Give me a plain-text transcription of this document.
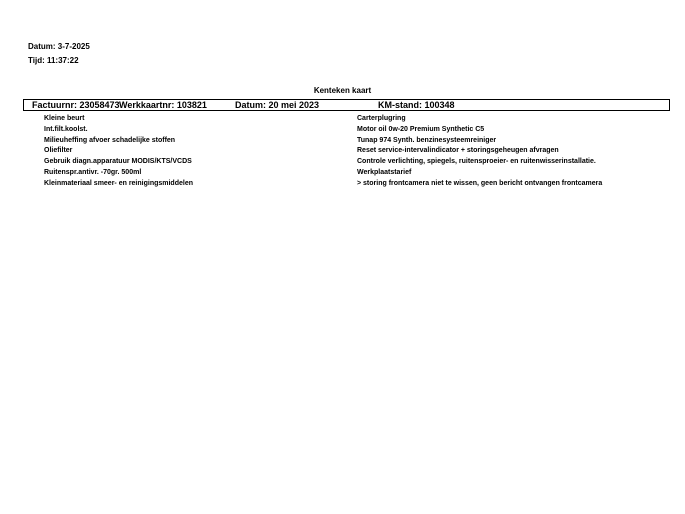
Datum: 3-7-2025
Tijd: 11:37:22
Kenteken kaart
Factuurnr: 23058473 Werkkaartnr: 103821	Datum: 20 mei 2023	KM-stand: 100348
Kleine beurt
Int.filt.koolst.
Milieuheffing afvoer schadelijke stoffen
Oliefilter
Gebruik diagn.apparatuur MODIS/KTS/VCDS
Ruitenspr.antivr. -70gr. 500ml
Kleinmateriaal smeer- en reinigingsmiddelen
Carterplugring
Motor oil 0w-20 Premium Synthetic C5
Tunap 974 Synth. benzinesysteemreiniger
Reset service-intervalindicator + storingsgeheugen afvragen
Controle verlichting, spiegels, ruitensproeier- en ruitenwisserinstallatie.
Werkplaatstarief
> storing frontcamera niet te wissen, geen bericht ontvangen frontcamera
